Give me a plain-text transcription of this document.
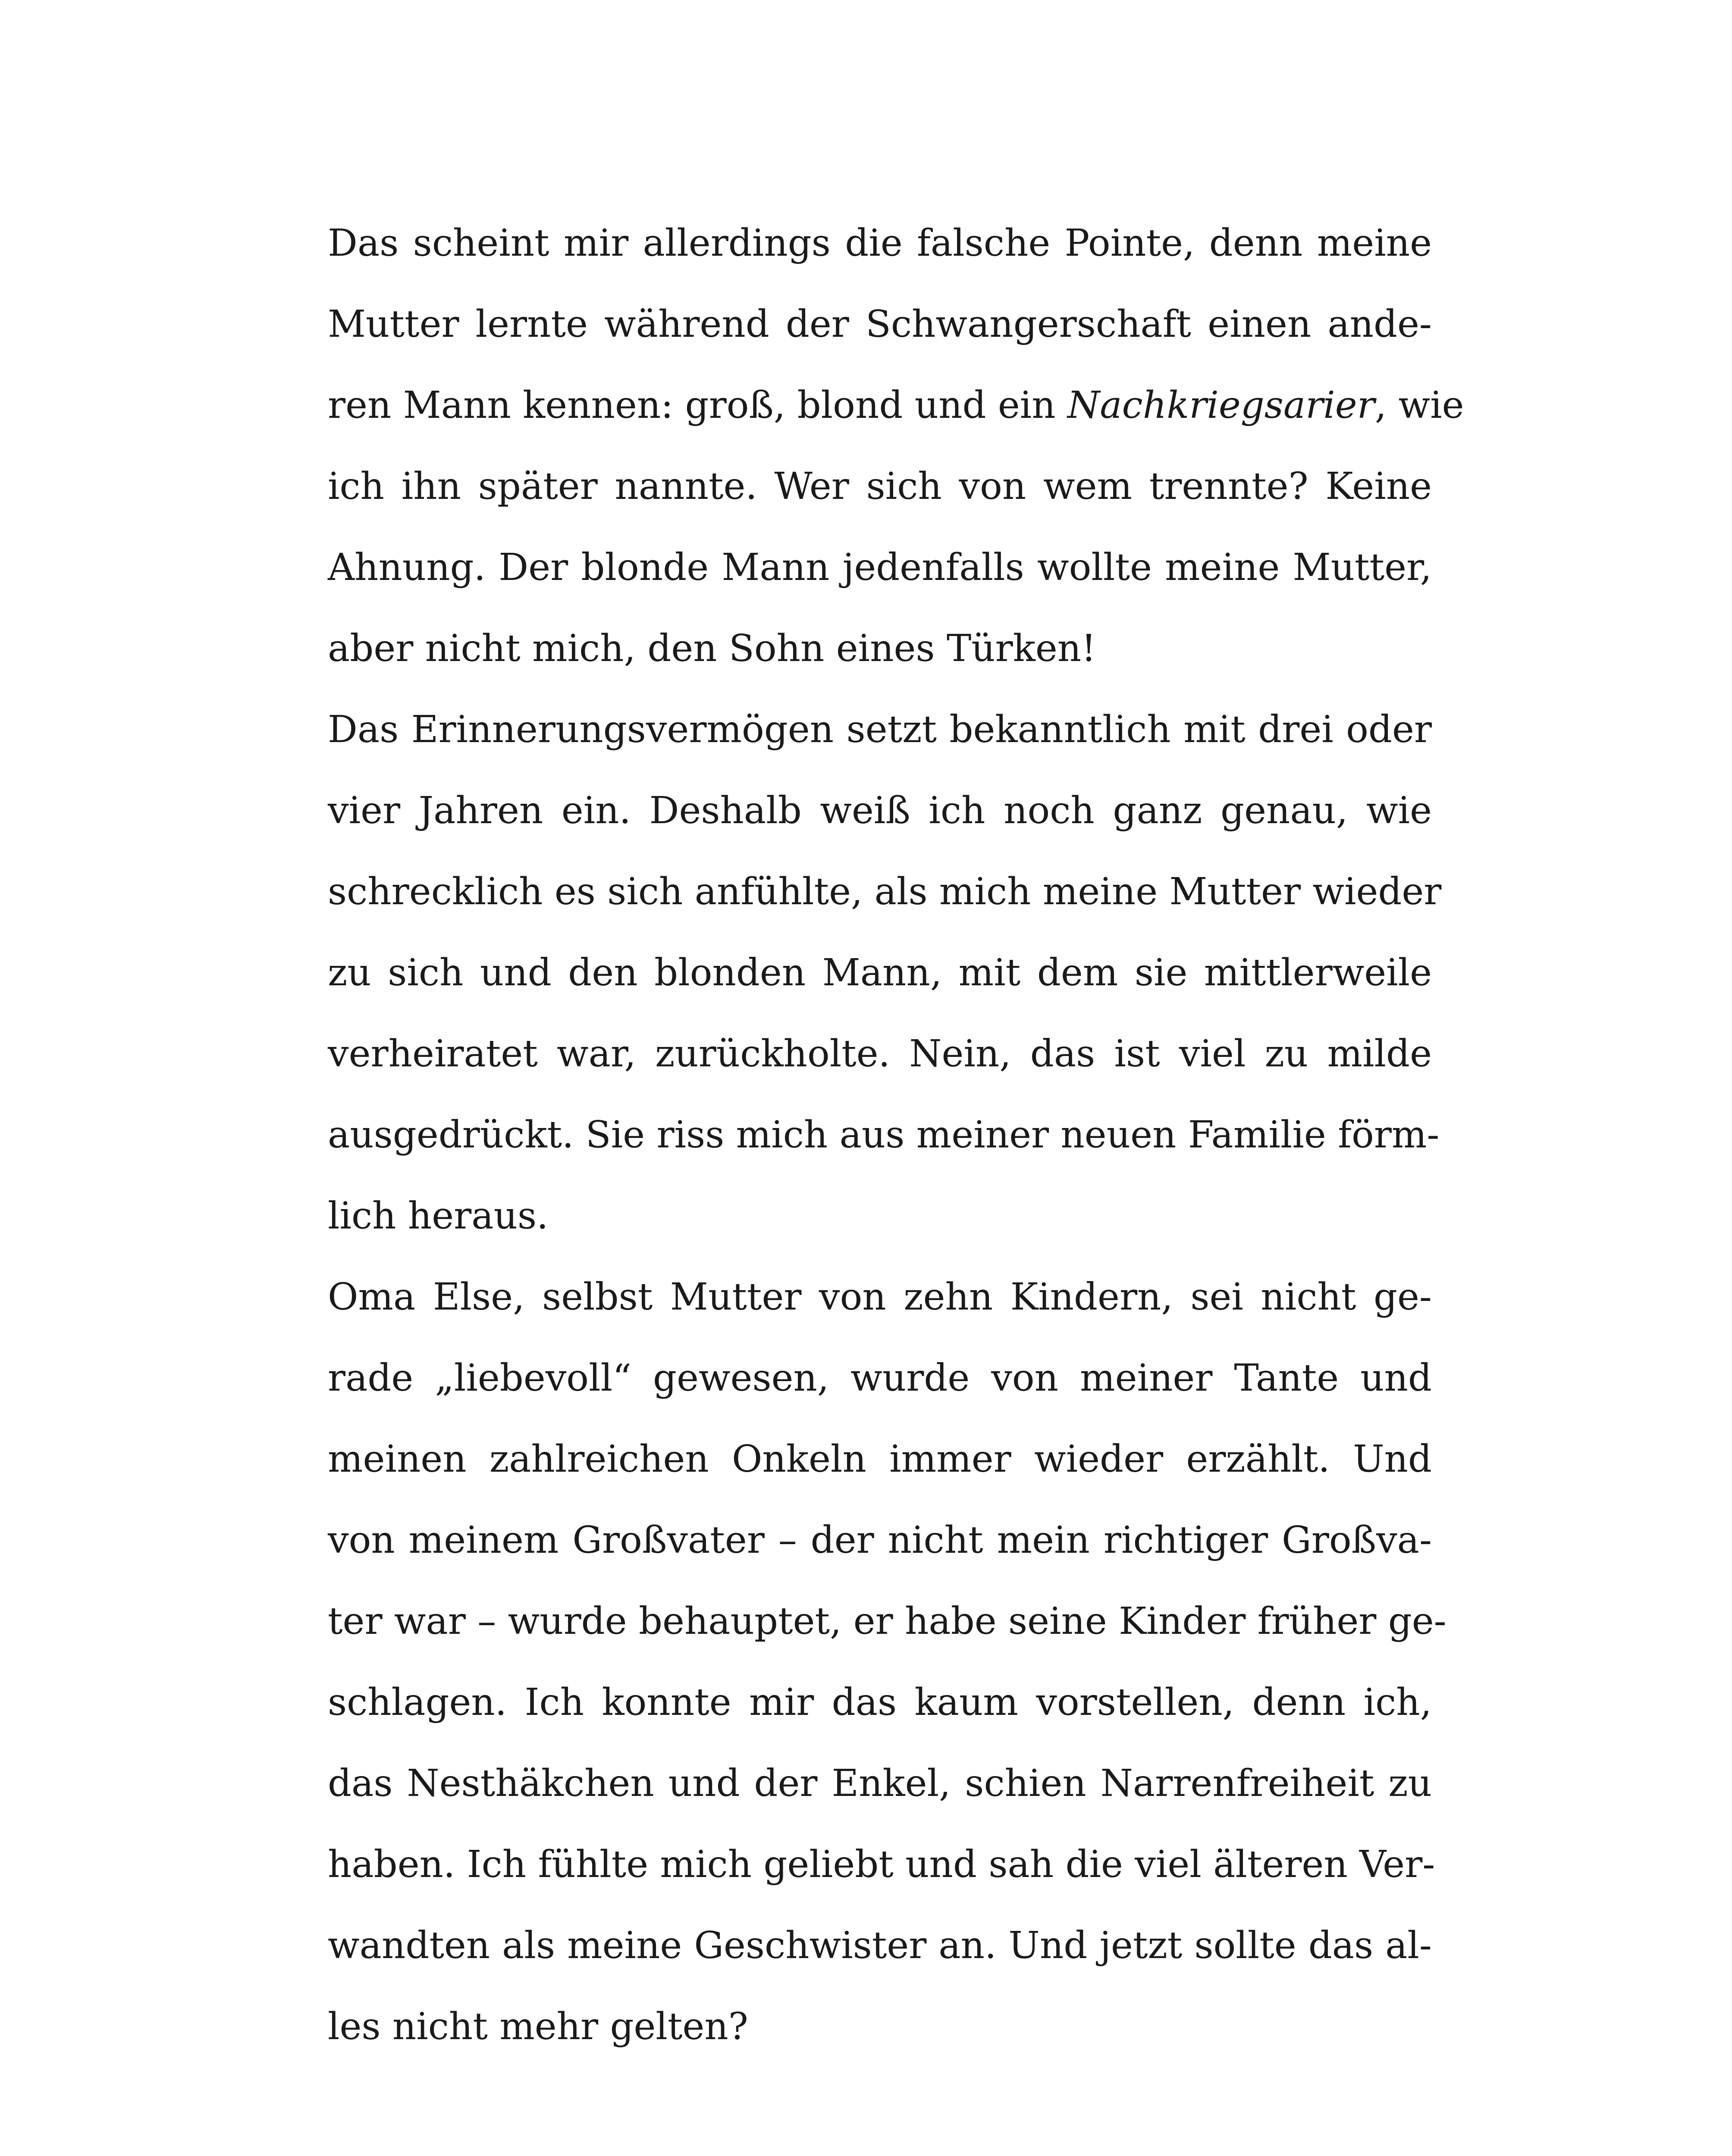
Das scheint mir allerdings die falsche Pointe, denn meine
Mutter lernte während der Schwangerschaft einen ande-
ren Mann kennen: groß, blond und ein Nachkriegsarier, wie
ich ihn später nannte. Wer sich von wem trennte? Keine
Ahnung. Der blonde Mann jedenfalls wollte meine Mutter,
aber nicht mich, den Sohn eines Türken!
Das Erinnerungsvermögen setzt bekanntlich mit drei oder
vier Jahren ein. Deshalb weiß ich noch ganz genau, wie
schrecklich es sich anfühlte, als mich meine Mutter wieder
zu sich und den blonden Mann, mit dem sie mittlerweile
verheiratet war, zurückholte. Nein, das ist viel zu milde
ausgedrückt. Sie riss mich aus meiner neuen Familie förm-
lich heraus.
Oma Else, selbst Mutter von zehn Kindern, sei nicht ge-
rade „liebevoll“ gewesen, wurde von meiner Tante und
meinen zahlreichen Onkeln immer wieder erzählt. Und
von meinem Großvater – der nicht mein richtiger Großva-
ter war – wurde behauptet, er habe seine Kinder früher ge-
schlagen. Ich konnte mir das kaum vorstellen, denn ich,
das Nesthäkchen und der Enkel, schien Narrenfreiheit zu
haben. Ich fühlte mich geliebt und sah die viel älteren Ver-
wandten als meine Geschwister an. Und jetzt sollte das al-
les nicht mehr gelten?
